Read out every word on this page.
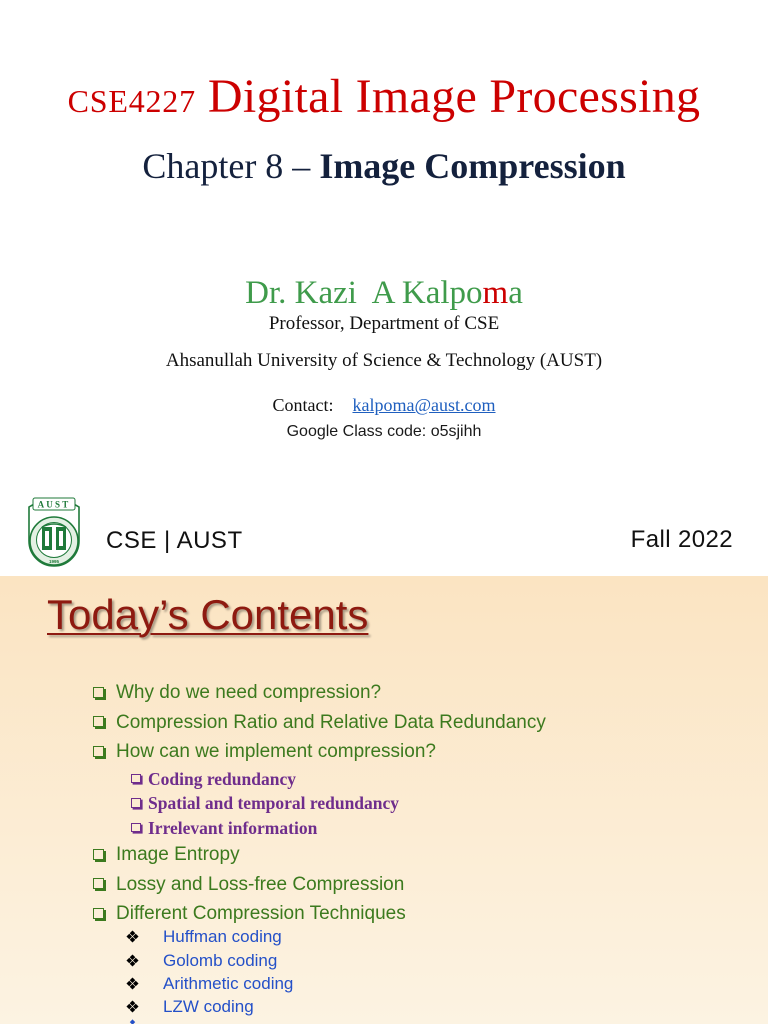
CSE4227 Digital Image Processing
Chapter 8 – Image Compression
Dr. Kazi  A Kalpoma
Professor, Department of CSE
Ahsanullah University of Science & Technology (AUST)
Contact: kalpoma@aust.com
Google Class code: o5sjihh
AUST
1995
CSE | AUST	Fall 2022
Today’s Contents
Why do we need compression?
Compression Ratio and Relative Data Redundancy
How can we implement compression?
Coding redundancy
Spatial and temporal redundancy
Irrelevant information
Image Entropy
Lossy and Loss-free Compression
Different Compression Techniques
Huffman coding
Golomb coding
Arithmetic coding
LZW coding
